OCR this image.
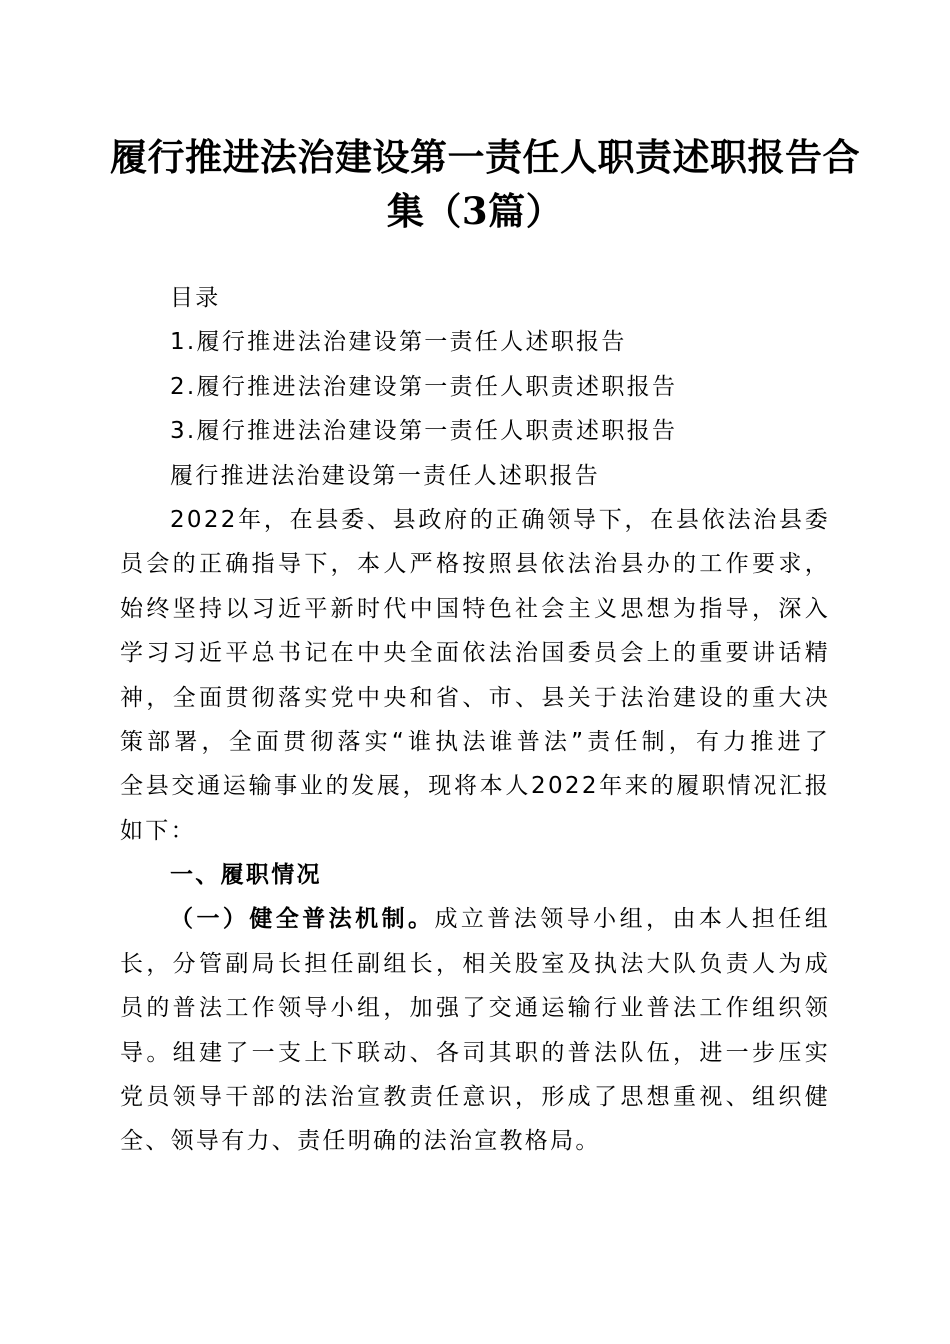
履行推进法治建设第一责任人职责述职报告合
集（3篇）
目录
1.履行推进法治建设第一责任人述职报告
2.履行推进法治建设第一责任人职责述职报告
3.履行推进法治建设第一责任人职责述职报告
履行推进法治建设第一责任人述职报告
2022年，在县委、县政府的正确领导下，在县依法治县委
员会的正确指导下，本人严格按照县依法治县办的工作要求，
始终坚持以习近平新时代中国特色社会主义思想为指导，深入
学习习近平总书记在中央全面依法治国委员会上的重要讲话精
神，全面贯彻落实党中央和省、市、县关于法治建设的重大决
策部署，全面贯彻落实“谁执法谁普法”责任制，有力推进了
全县交通运输事业的发展，现将本人2022年来的履职情况汇报
如下：
一、履职情况
（一）健全普法机制。成立普法领导小组，由本人担任组
长，分管副局长担任副组长，相关股室及执法大队负责人为成
员的普法工作领导小组，加强了交通运输行业普法工作组织领
导。组建了一支上下联动、各司其职的普法队伍，进一步压实
党员领导干部的法治宣教责任意识，形成了思想重视、组织健
全、领导有力、责任明确的法治宣教格局。
